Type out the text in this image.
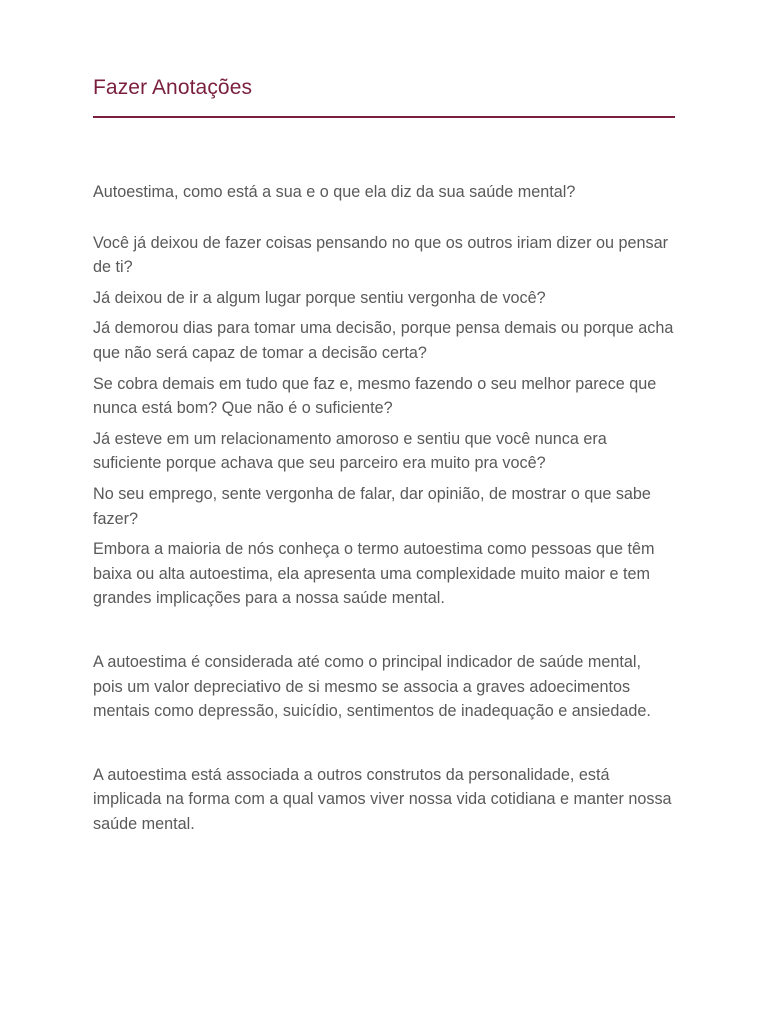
Fazer Anotações

Autoestima, como está a sua e o que ela diz da sua saúde mental?

Você já deixou de fazer coisas pensando no que os outros iriam dizer ou pensar de ti?

Já deixou de ir a algum lugar porque sentiu vergonha de você?

Já demorou dias para tomar uma decisão, porque pensa demais ou porque acha que não será capaz de tomar a decisão certa?

Se cobra demais em tudo que faz e, mesmo fazendo o seu melhor parece que nunca está bom? Que não é o suficiente?

Já esteve em um relacionamento amoroso e sentiu que você nunca era suficiente porque achava que seu parceiro era muito pra você?

No seu emprego, sente vergonha de falar, dar opinião, de mostrar o que sabe fazer?

Embora a maioria de nós conheça o termo autoestima como pessoas que têm baixa ou alta autoestima, ela apresenta uma complexidade muito maior e tem grandes implicações para a nossa saúde mental.

A autoestima é considerada até como o principal indicador de saúde mental, pois um valor depreciativo de si mesmo se associa a graves adoecimentos mentais como depressão, suicídio, sentimentos de inadequação e ansiedade.

A autoestima está associada a outros construtos da personalidade, está implicada na forma com a qual vamos viver nossa vida cotidiana e manter nossa saúde mental.
